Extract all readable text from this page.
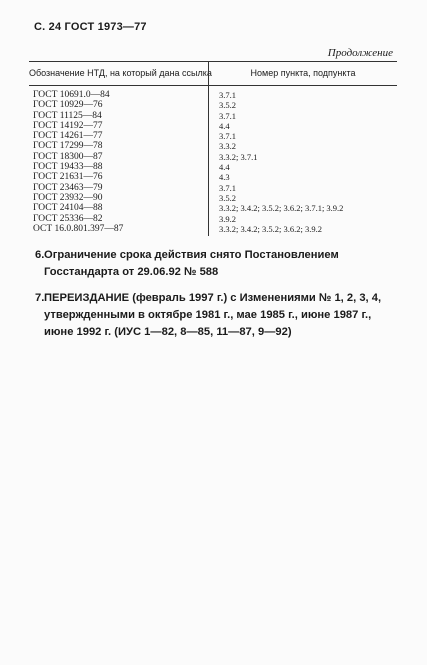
С. 24 ГОСТ 1973—77
Продолжение
Обозначение НТД, на который дана ссылка	Номер пункта, подпункта
ГОСТ 10691.0—84	3.7.1
ГОСТ 10929—76	3.5.2
ГОСТ 11125—84	3.7.1
ГОСТ 14192—77	4.4
ГОСТ 14261—77	3.7.1
ГОСТ 17299—78	3.3.2
ГОСТ 18300—87	3.3.2; 3.7.1
ГОСТ 19433—88	4.4
ГОСТ 21631—76	4.3
ГОСТ 23463—79	3.7.1
ГОСТ 23932—90	3.5.2
ГОСТ 24104—88	3.3.2; 3.4.2; 3.5.2; 3.6.2; 3.7.1; 3.9.2
ГОСТ 25336—82	3.9.2
ОСТ 16.0.801.397—87	3.3.2; 3.4.2; 3.5.2; 3.6.2; 3.9.2
6. Ограничение срока действия снято Постановлением Госстандарта от 29.06.92 № 588
7. ПЕРЕИЗДАНИЕ (февраль 1997 г.) с Изменениями № 1, 2, 3, 4, утвержденными в октябре 1981 г., мае 1985 г., июне 1987 г., июне 1992 г. (ИУС 1—82, 8—85, 11—87, 9—92)
